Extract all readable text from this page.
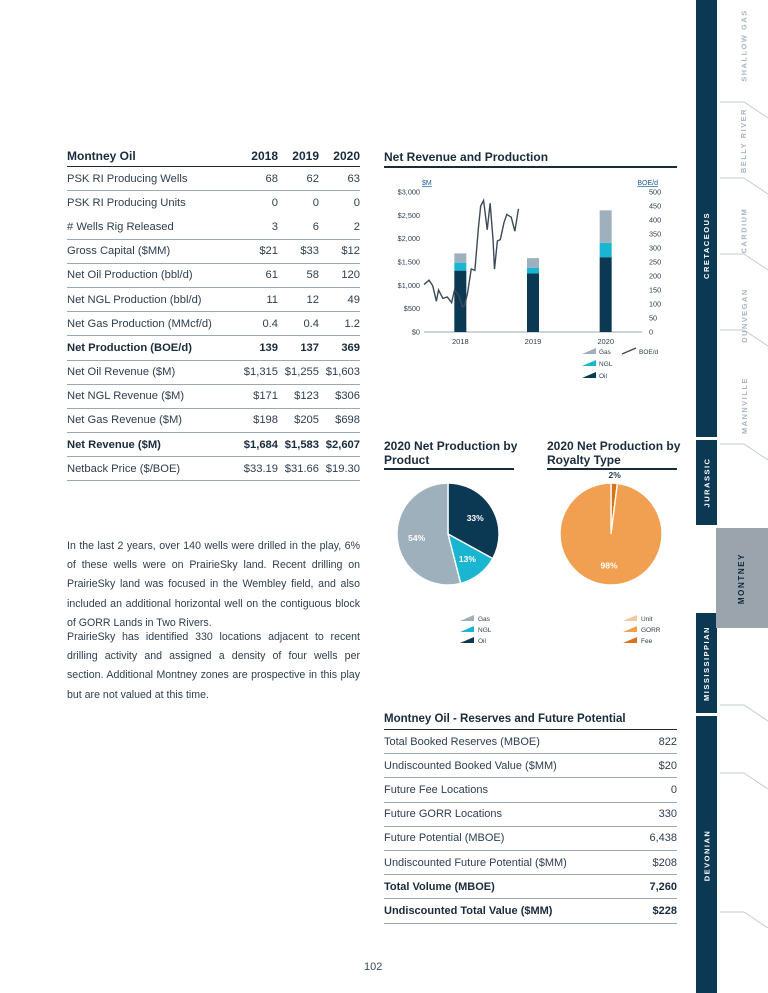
Montney Oil	2018	2019	2020
PSK RI Producing Wells	68	62	63
PSK RI Producing Units	0	0	0
# Wells Rig Released	3	6	2
Gross Capital ($MM)	$21	$33	$12
Net Oil Production (bbl/d)	61	58	120
Net NGL Production (bbl/d)	11	12	49
Net Gas Production (MMcf/d)	0.4	0.4	1.2
Net Production (BOE/d)	139	137	369
Net Oil Revenue ($M)	$1,315 $1,255 $1,603
Net NGL Revenue ($M)	$171	$123	$306
Net Gas Revenue ($M)	$198	$205	$698
Net Revenue ($M)	$1,684 $1,583 $2,607
Netback Price ($/BOE)	$33.19 $31.66 $19.30

In the last 2 years, over 140 wells were drilled in the play, 6% of these wells were on PrairieSky land. Recent drilling on PrairieSky land was focused in the Wembley field, and also included an additional horizontal well on the contiguous block of GORR Lands in Two Rivers.

PrairieSky has identified 330 locations adjacent to recent drilling activity and assigned a density of four wells per section. Additional Montney zones are prospective in this play but are not valued at this time.

Net Revenue and Production
$M	BOE/d
$0
$500
$1,000
$1,500
$2,000
$2,500
$3,000
0
50
100
150
200
250
300
350
400
450
500
2018	2019	2020
Gas	BOE/d
NGL
Oil
2020 Net Production by Product
33%
13%
54%
Gas
NGL
Oil
2020 Net Production by Royalty Type
2%
98%
Unit
GORR
Fee
Montney Oil - Reserves and Future Potential
Total Booked Reserves (MBOE)	822
Undiscounted Booked Value ($MM)	$20
Future Fee Locations	0
Future GORR Locations	330
Future Potential (MBOE)	6,438
Undiscounted Future Potential ($MM)	$208
Total Volume (MBOE)	7,260
Undiscounted Total Value ($MM)	$228
102
CRETACEOUS
JURASSIC
MISSISSIPPIAN
DEVONIAN
SHALLOW GAS
BELLY RIVER
CARDIUM
DUNVEGAN
MANNVILLE
MONTNEY
